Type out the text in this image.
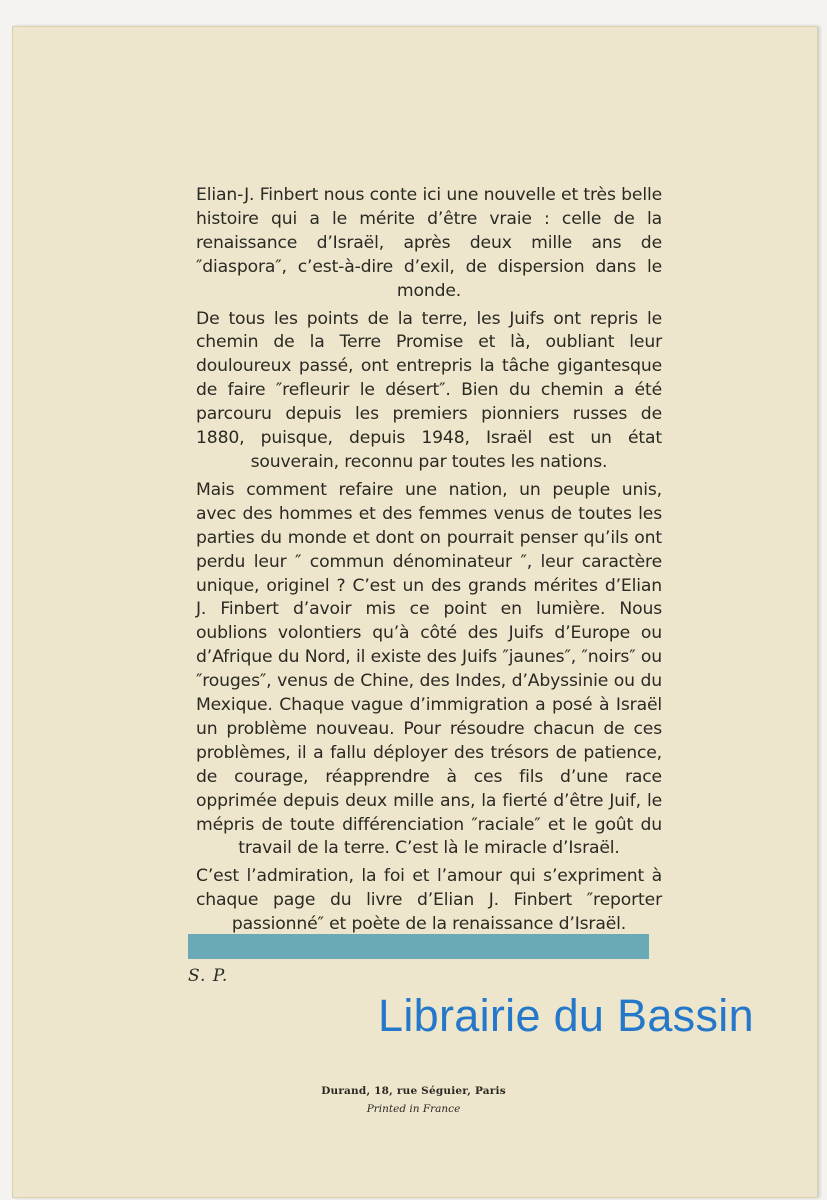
Elian-J. Finbert nous conte ici une nouvelle et très belle histoire qui a le mérite d’être vraie : celle de la renaissance d’Israël, après deux mille ans de ″diaspora″, c’est-à-dire d’exil, de dispersion dans le monde.

De tous les points de la terre, les Juifs ont repris le chemin de la Terre Promise et là, oubliant leur douloureux passé, ont entrepris la tâche gigantesque de faire ″refleurir le désert″. Bien du chemin a été parcouru depuis les premiers pionniers russes de 1880, puisque, depuis 1948, Israël est un état souverain, reconnu par toutes les nations.

Mais comment refaire une nation, un peuple unis, avec des hommes et des femmes venus de toutes les parties du monde et dont on pourrait penser qu’ils ont perdu leur ″ commun dénominateur ″, leur caractère unique, originel ? C’est un des grands mérites d’Elian J. Finbert d’avoir mis ce point en lumière. Nous oublions volontiers qu’à côté des Juifs d’Europe ou d’Afrique du Nord, il existe des Juifs ″jaunes″, ″noirs″ ou ″rouges″, venus de Chine, des Indes, d’Abyssinie ou du Mexique. Chaque vague d’immigration a posé à Israël un problème nouveau. Pour résoudre chacun de ces problèmes, il a fallu déployer des trésors de patience, de courage, réapprendre à ces fils d’une race opprimée depuis deux mille ans, la fierté d’être Juif, le mépris de toute différenciation ″raciale″ et le goût du travail de la terre. C’est là le miracle d’Israël.

C’est l’admiration, la foi et l’amour qui s’expriment à chaque page du livre d’Elian J. Finbert ″reporter passionné″ et poète de la renaissance d’Israël.

S. P.
Librairie du Bassin
Durand, 18, rue Séguier, Paris
Printed in France
